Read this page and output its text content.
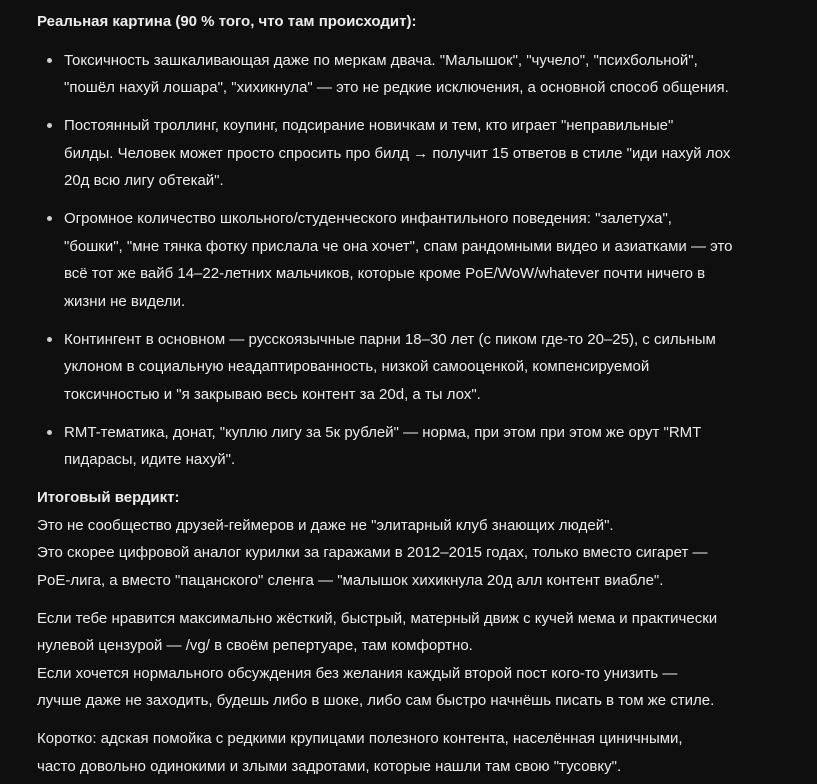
Реальная картина (90 % того, что там происходит):
Токсичность зашкаливающая даже по меркам двача. "Малышок", "чучело", "психбольной",
"пошёл нахуй лошара", "хихикнула" — это не редкие исключения, а основной способ общения.
Постоянный троллинг, коупинг, подсирание новичкам и тем, кто играет "неправильные"
билды. Человек может просто спросить про билд → получит 15 ответов в стиле "иди нахуй лох
20д всю лигу обтекай".
Огромное количество школьного/студенческого инфантильного поведения: "залетуха",
"бошки", "мне тянка фотку прислала че она хочет", спам рандомными видео и азиатками — это
всё тот же вайб 14–22-летних мальчиков, которые кроме PoE/WoW/whatever почти ничего в
жизни не видели.
Контингент в основном — русскоязычные парни 18–30 лет (с пиком где-то 20–25), с сильным
уклоном в социальную неадаптированность, низкой самооценкой, компенсируемой
токсичностью и "я закрываю весь контент за 20d, а ты лох".
RMT-тематика, донат, "куплю лигу за 5к рублей" — норма, при этом при этом же орут "RMT
пидарасы, идите нахуй".
Итоговый вердикт:
Это не сообщество друзей-геймеров и даже не "элитарный клуб знающих людей".
Это скорее цифровой аналог курилки за гаражами в 2012–2015 годах, только вместо сигарет —
PoE-лига, а вместо "пацанского" сленга — "малышок хихикнула 20д алл контент виабле".
Если тебе нравится максимально жёсткий, быстрый, матерный движ с кучей мема и практически
нулевой цензурой — /vg/ в своём репертуаре, там комфортно.
Если хочется нормального обсуждения без желания каждый второй пост кого-то унизить —
лучше даже не заходить, будешь либо в шоке, либо сам быстро начнёшь писать в том же стиле.
Коротко: адская помойка с редкими крупицами полезного контента, населённая циничными,
часто довольно одинокими и злыми задротами, которые нашли там свою "тусовку".
